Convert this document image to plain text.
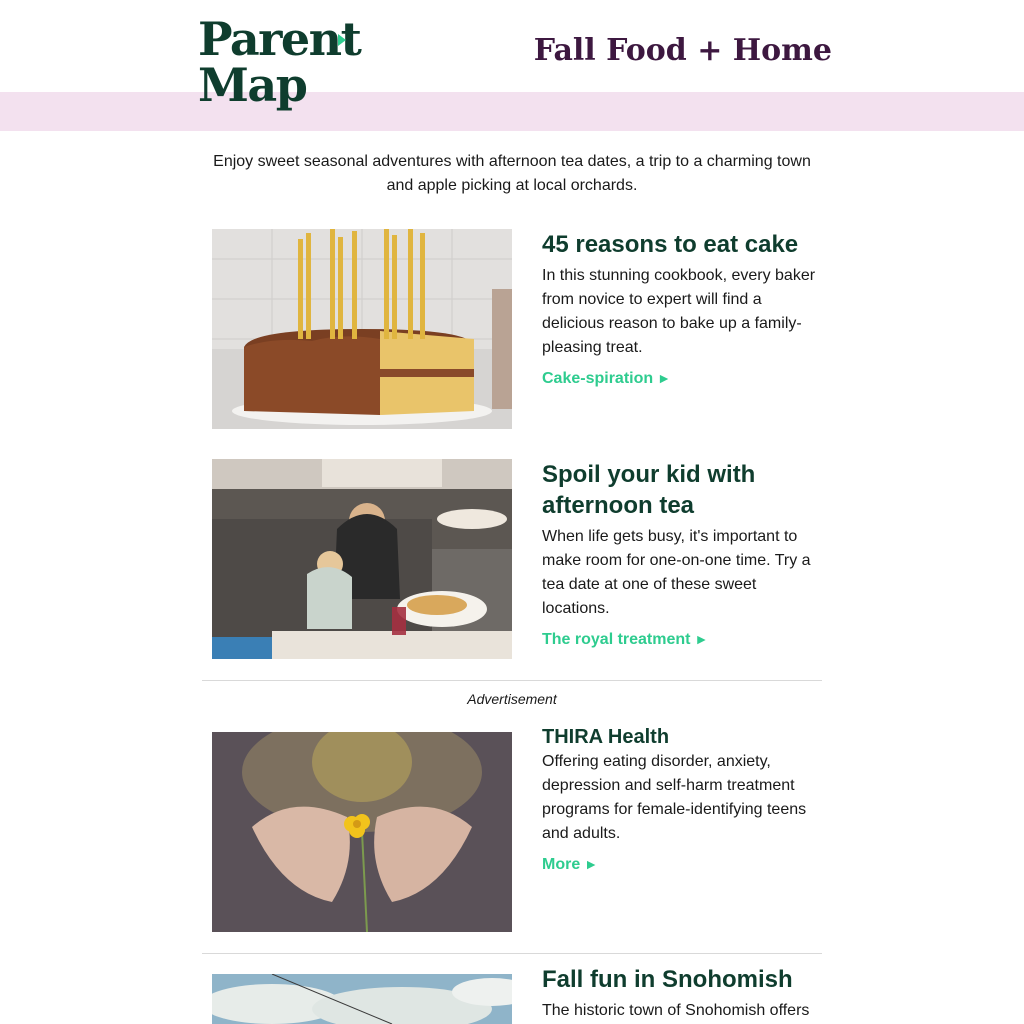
Parent
Map
Fall Food + Home
Enjoy sweet seasonal adventures with afternoon tea dates, a trip to a charming town and apple picking at local orchards.
45 reasons to eat cake

In this stunning cookbook, every baker from novice to expert will find a delicious reason to bake up a family-pleasing treat.

Cake-spiration ►
Spoil your kid with afternoon tea

When life gets busy, it's important to make room for one-on-one time. Try a tea date at one of these sweet locations.

The royal treatment ►
Advertisement
THIRA Health

Offering eating disorder, anxiety, depression and self-harm treatment programs for female-identifying teens and adults.

More ►
Fall fun in Snohomish

The historic town of Snohomish offers
